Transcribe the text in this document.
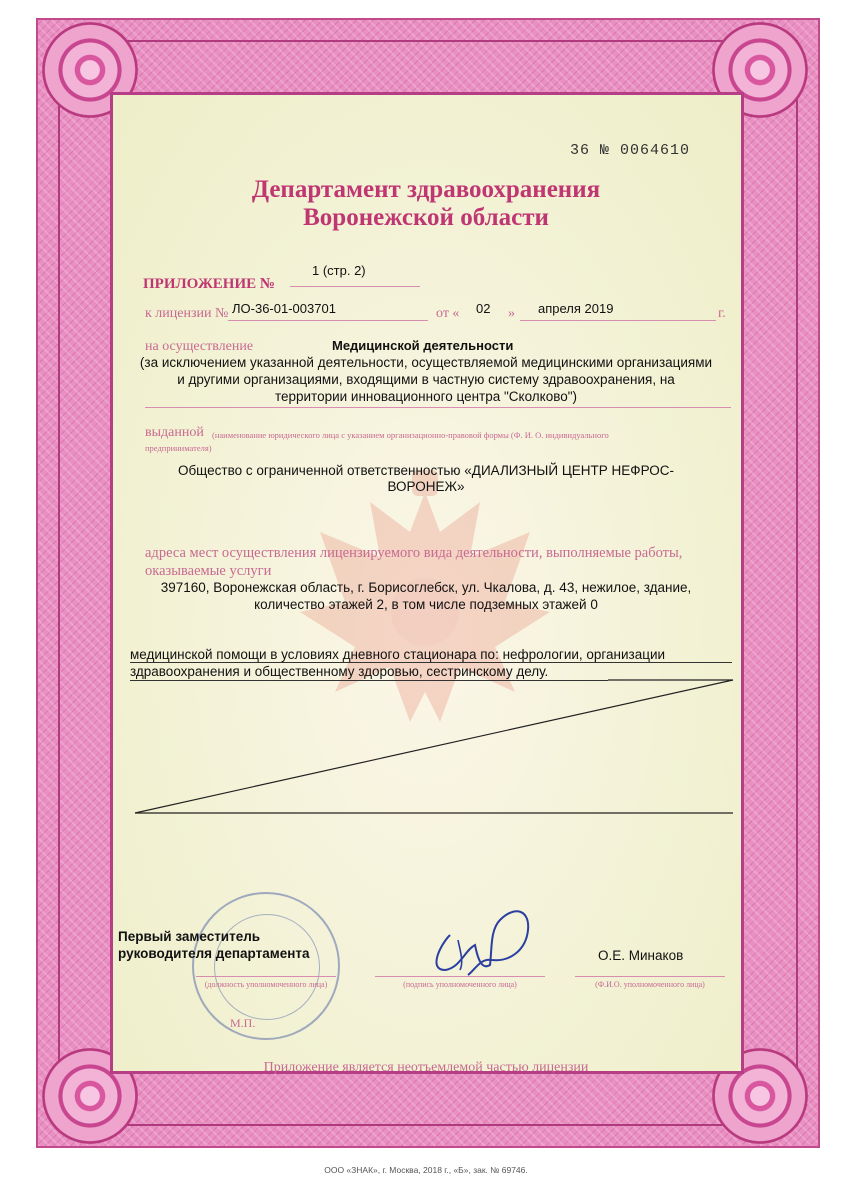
36 № 0064610
Департамент здравоохранения
Воронежской области
ПРИЛОЖЕНИЕ №
1 (стр. 2)
к лицензии № ЛО-36-01-003701	от « 02 » апреля 2019	г.
на осуществление	Медицинской деятельности
(за исключением указанной деятельности, осуществляемой медицинскими организациями
и другими организациями, входящими в частную систему здравоохранения, на
территории инновационного центра "Сколково")
выданной (наименование юридического лица с указанием организационно-правовой формы (Ф. И. О. индивидуального
предпринимателя)
Общество с ограниченной ответственностью «ДИАЛИЗНЫЙ ЦЕНТР НЕФРОС-
ВОРОНЕЖ»
адреса мест осуществления лицензируемого вида деятельности, выполняемые работы,
оказываемые услуги
397160, Воронежская область, г. Борисоглебск, ул. Чкалова, д. 43, нежилое, здание,
количество этажей 2, в том числе подземных этажей 0
медицинской помощи в условиях дневного стационара по: нефрологии, организации
здравоохранения и общественному здоровью, сестринскому делу.
Первый заместитель
руководителя департамента
(должность уполномоченного лица)	(подпись уполномоченного лица)
О.Е. Минаков
(Ф.И.О. уполномоченного лица)
М.П.
Приложение является неотъемлемой частью лицензии
ООО «ЗНАК», г. Москва, 2018 г., «Б», зак. № 69746.
